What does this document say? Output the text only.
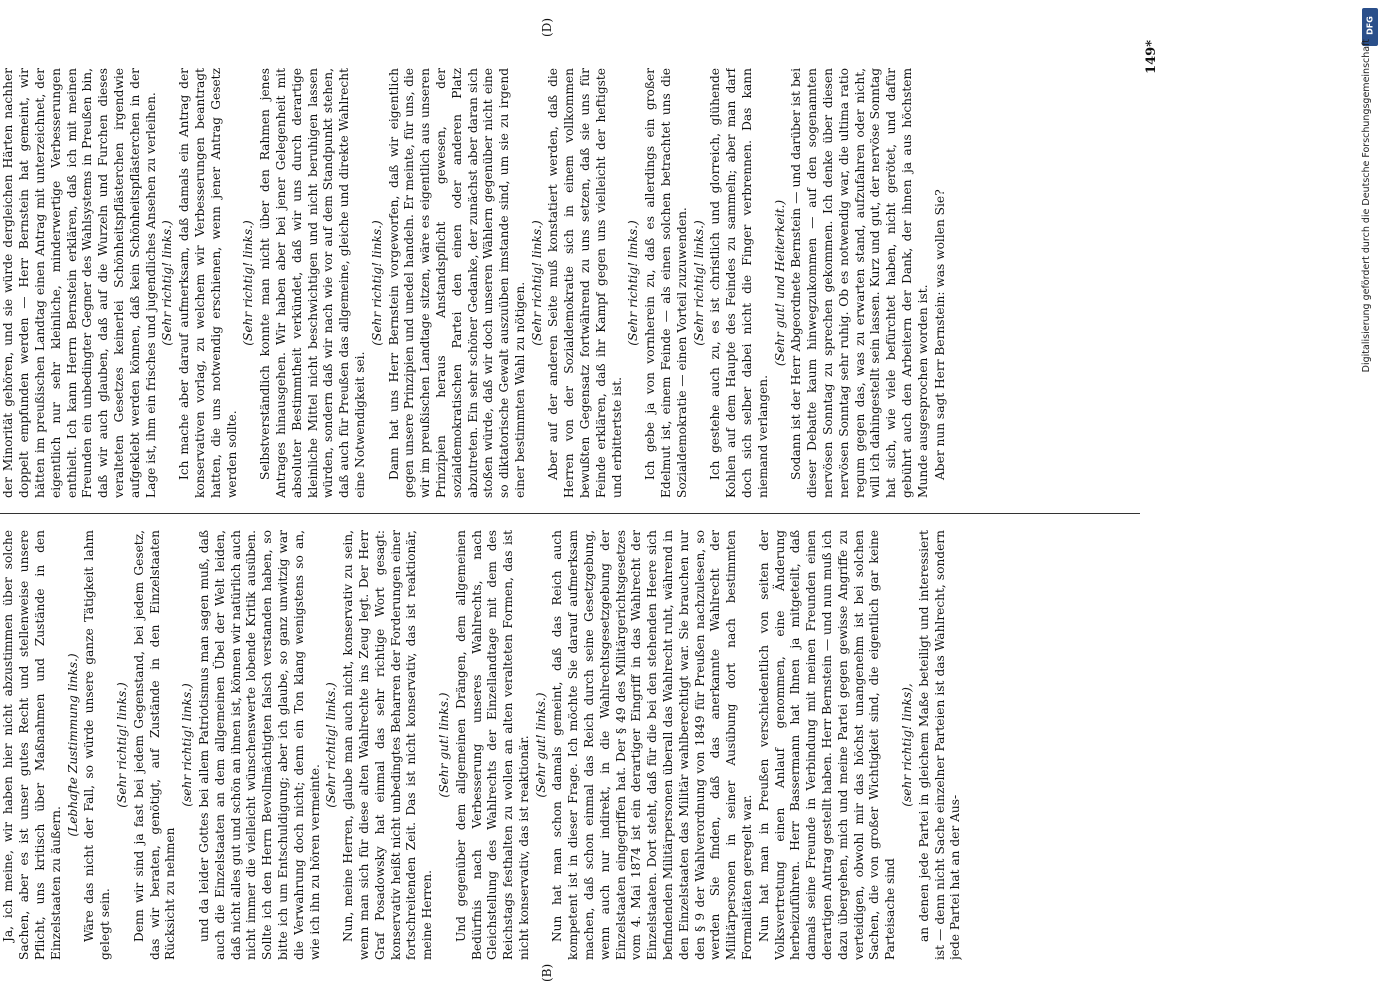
(B)

Ja, ich meine, wir haben hier nicht abzustimmen über solche Sachen, aber es ist unser gutes Recht und stellenweise unsere Pflicht, uns kritisch über Maßnahmen und Zustände in den Einzelstaaten zu äußern.

(Lebhafte Zustimmung links.) Wäre das nicht der Fall, so würde unsere ganze Tätigkeit lahm gelegt sein.

(Sehr richtig! links.) Denn wir sind ja fast bei jedem Gegenstand, bei jedem Gesetz, das wir beraten, genötigt, auf Zustände in den Einzelstaaten Rücksicht zu nehmen

(sehr richtig! links.) und da leider Gottes bei allem Patriotismus man sagen muß, daß auch die Einzelstaaten an dem allgemeinen Übel der Welt leiden, daß nicht alles gut und schön an ihnen ist, können wir natürlich auch nicht immer die vielleicht wünschenswerte lobende Kritik ausüben. Sollte ich den Herrn Bevollmächtigten falsch verstanden haben, so bitte ich um Entschuldigung; aber ich glaube, so ganz unwitzig war die Verwahrung doch nicht; denn ein Ton klang wenigstens so an, wie ich ihn zu hören vermeinte.

(Sehr richtig! links.) Nun, meine Herren, glaube man auch nicht, konservativ zu sein, wenn man sich für diese alten Wahlrechte ins Zeug legt. Der Herr Graf Posadowsky hat einmal das sehr richtige Wort gesagt: konservativ heißt nicht unbedingtes Beharren der Forderungen einer fortschreitenden Zeit. Das ist nicht konservativ, das ist reaktionär, meine Herren.

(Sehr gut! links.) Und gegenüber dem allgemeinen Drängen, dem allgemeinen Bedürfnis nach Verbesserung unseres Wahlrechts, nach Gleichstellung des Wahlrechts der Einzellandtage mit dem des Reichstags festhalten zu wollen an alten veralteten Formen, das ist nicht konservativ, das ist reaktionär. (Sehr gut! links.) Nun hat man schon damals gemeint, daß das Reich auch kompetent ist in dieser Frage. Ich möchte Sie darauf aufmerksam machen, daß schon einmal das Reich durch seine Gesetzgebung, wenn auch nur indirekt, in die Wahlrechtsgesetzgebung der Einzelstaaten eingegriffen hat. Der § 49 des Militärgerichtsgesetzes vom 4. Mai 1874 ist ein derartiger Eingriff in das Wahlrecht der Einzelstaaten. Dort steht, daß für die bei den stehenden Heere sich befindenden Militärpersonen überall das Wahlrecht ruht, während in den Einzelstaaten das Militär wahlberechtigt war. Sie brauchen nur den § 9 der Wahlverordnung von 1849 für Preußen nachzulesen, so werden Sie finden, daß das anerkannte Wahlrecht der Militärpersonen in seiner Ausübung dort nach bestimmten Formalitäten geregelt war. Nun hat man in Preußen verschiedentlich von seiten der Volksvertretung einen Anlauf genommen, eine Änderung herbeizuführen. Herr Bassermann hat Ihnen ja mitgeteilt, daß damals seine Freunde in Verbindung mit meinen Freunden einen derartigen Antrag gestellt haben. Herr Bernstein — und nun muß ich dazu übergehen, mich und meine Partei gegen gewisse Angriffe zu verteidigen, obwohl mir das höchst unangenehm ist bei solchen Sachen, die von großer Wichtigkeit sind, die eigentlich gar keine Parteisache sind

(sehr richtig! links), an denen jede Partei in gleichem Maße beteiligt und interessiert ist — denn nicht Sache einzelner Parteien ist das Wahlrecht, sondern jede Partei hat an der Aus-

der Minorität gehören, und sie würde dergleichen Härten nachher doppelt empfunden werden — Herr Bernstein hat gemeint, wir hätten im preußischen Landtag einen Antrag mit unterzeichnet, der eigentlich nur sehr kleinliche, minderwertige Verbesserungen enthielt. Ich kann Herrn Bernstein erklären, daß ich mit meinen Freunden ein unbedingter Gegner des Wahlsystems in Preußen bin, daß wir auch glauben, daß auf die Wurzeln und Furchen dieses veralteten Gesetzes keinerlei Schönheitspflästerchen irgendwie aufgeklebt werden können, daß kein Schönheitspflästerchen in der Lage ist, ihm ein frisches und jugendliches Ansehen zu verleihen.

(Sehr richtig! links.) Ich mache aber darauf aufmerksam, daß damals ein Antrag der konservativen vorlag, zu welchem wir Verbesserungen beantragt hatten, die uns notwendig erschienen, wenn jener Antrag Gesetz werden sollte.

(Sehr richtig! links.) Selbstverständlich konnte man nicht über den Rahmen jenes Antrages hinausgehen. Wir haben aber bei jener Gelegenheit mit absoluter Bestimmtheit verkündet, daß wir uns durch derartige kleinliche Mittel nicht beschwichtigen und nicht beruhigen lassen würden, sondern daß wir nach wie vor auf dem Standpunkt stehen, daß auch für Preußen das allgemeine, gleiche und direkte Wahlrecht eine Notwendigkeit sei.

(Sehr richtig! links.) Dann hat uns Herr Bernstein vorgeworfen, daß wir eigentlich gegen unsere Prinzipien und unedel handeln. Er meinte, für uns, die wir im preußischen Landtage sitzen, wäre es eigentlich aus unseren Prinzipien heraus Anstandspflicht gewesen, der sozialdemokratischen Partei den einen oder anderen Platz abzutreten. Ein sehr schöner Gedanke, der zunächst aber daran sich stoßen würde, daß wir doch unseren Wählern gegenüber nicht eine so diktatorische Gewalt auszuüben imstande sind, um sie zu irgend einer bestimmten Wahl zu nötigen. (Sehr richtig! links.) Aber auf der anderen Seite muß konstatiert werden, daß die Herren von der Sozialdemokratie sich in einem vollkommen bewußten Gegensatz fortwährend zu uns setzen, daß sie uns für Feinde erklären, daß ihr Kampf gegen uns vielleicht der heftigste und erbittertste ist.

(Sehr richtig! links.) Ich gebe ja von vornherein zu, daß es allerdings ein großer Edelmut ist, einem Feinde — als einen solchen betrachtet uns die Sozialdemokratie — einen Vorteil zuzuwenden. (Sehr richtig! links.) Ich gestehe auch zu, es ist christlich und glorreich, glühende Kohlen auf dem Haupte des Feindes zu sammeln; aber man darf doch sich selber dabei nicht die Finger verbrennen. Das kann niemand verlangen.

(Sehr gut! und Heiterkeit.) Sodann ist der Herr Abgeordnete Bernstein — und darüber ist bei dieser Debatte kaum hinwegzukommen — auf den sogenannten nervösen Sonntag zu sprechen gekommen. Ich denke über diesen nervösen Sonntag sehr ruhig. Ob es notwendig war, die ultima ratio regum gegen das, was zu erwarten stand, aufzufahren oder nicht, will ich dahingestellt sein lassen. Kurz und gut, der nervöse Sonntag hat sich, wie viele befürchtet haben, nicht gerötet, und dafür gebührt auch den Arbeitern der Dank, der ihnen ja aus höchstem Munde ausgesprochen worden ist. Aber nun sagt Herr Bernstein: was wollen Sie?

(D)
149*
DFG
Digitalisierung gefördert durch die Deutsche Forschungsgemeinschaft
